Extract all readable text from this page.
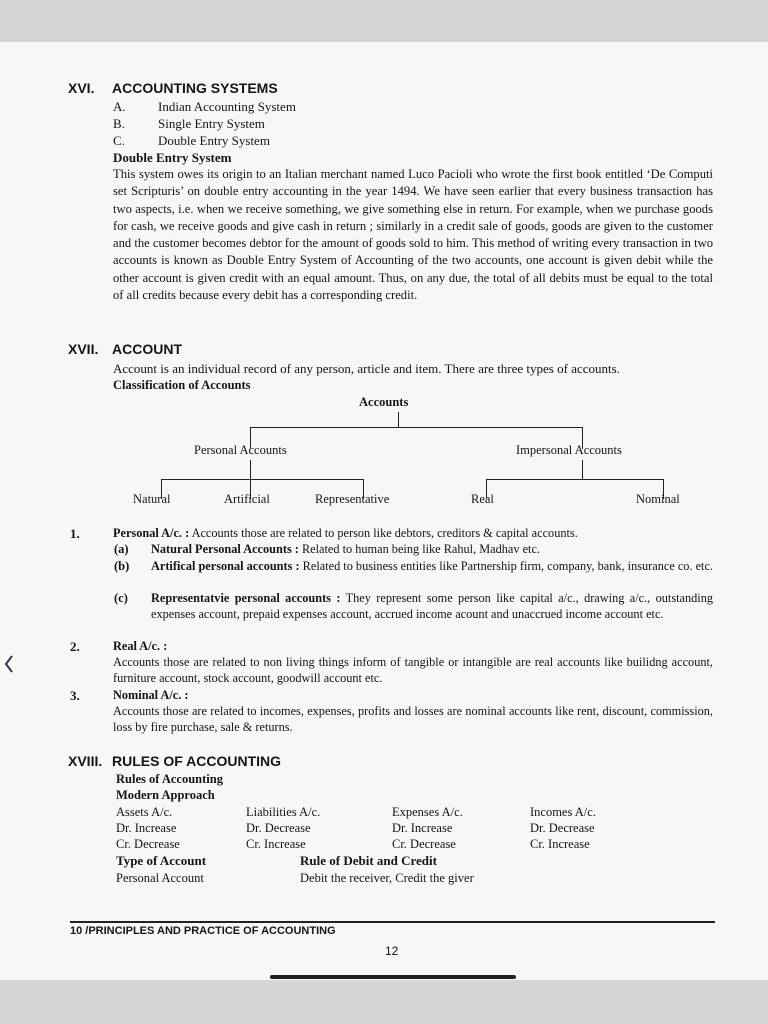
XVI. ACCOUNTING SYSTEMS
A. Indian Accounting System
B.	Single Entry System
C.	Double Entry System
Double Entry System
This system owes its origin to an Italian merchant named Luco Pacioli who wrote the first book entitled ‘De Computi set Scripturis’ on double entry accounting in the year 1494. We have seen earlier that every business transaction has two aspects, i.e. when we receive something, we give something else in return. For example, when we purchase goods for cash, we receive goods and give cash in return ; similarly in a credit sale of goods, goods are given to the customer and the customer becomes debtor for the amount of goods sold to him. This method of writing every transaction in two accounts is known as Double Entry System of Accounting of the two accounts, one account is given debit while the other account is given credit with an equal amount. Thus, on any due, the total of all debits must be equal to the total of all credits because every debit has a corresponding credit.
XVII. ACCOUNT
Account is an individual record of any person, article and item. There are three types of accounts.
Classification of Accounts
Accounts
Personal Accounts	Impersonal Accounts
Natural	Artificial	Representative	Real	Nominal
1.	Personal A/c. : Accounts those are related to person like debtors, creditors & capital accounts.
(a) Natural Personal Accounts : Related to human being like Rahul, Madhav etc.
(b) Artifical personal accounts : Related to business entities like Partnership firm, company, bank, insurance co. etc.
(c) Representatvie personal accounts : They represent some person like capital a/c., drawing a/c., outstanding expenses account, prepaid expenses account, accrued income acount and unaccrued income account etc.
2.	Real A/c. :
Accounts those are related to non living things inform of tangible or intangible are real accounts like builidng account, furniture account, stock account, goodwill account etc.
3.	Nominal A/c. :
Accounts those are related to incomes, expenses, profits and losses are nominal accounts like rent, discount, commission, loss by fire purchase, sale & returns.
XVIII. RULES OF ACCOUNTING
Rules of Accounting
Modern Approach
Assets A/c.	Liabilities A/c.	Expenses A/c.	Incomes A/c.
Dr. Increase	Dr. Decrease	Dr. Increase	Dr. Decrease
Cr. Decrease	Cr. Increase	Cr. Decrease	Cr. Increase
Type of Account	Rule of Debit and Credit
Personal Account	Debit the receiver, Credit the giver
10 /PRINCIPLES AND PRACTICE OF ACCOUNTING
12
